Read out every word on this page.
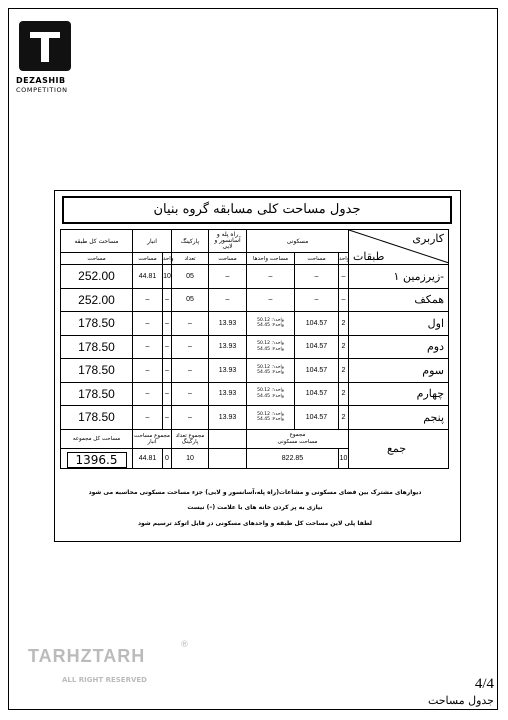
DEZASHIB
COMPETITION
جدول مساحت کلی مسابقه گروه بنیان
مساحت کل طبقه	انبار		پارکینگ	راه پله و آسانسور و لابی	مسکونی			کاربری
طبقات

مساحت	مساحت	واحد	تعداد	مساحت	مساحت واحدها	مساحت	واحد	
252.00	44.81	10	05	–	–	–	–	زیرزمین ۱-
252.00	–	–	05	–	–	–	–	همکف
178.50	–	–	–	13.93	واحد۱: 50.12
واحد۲: 54.45	104.57	2	اول
178.50	–	–	–	13.93	واحد۱: 50.12
واحد۲: 54.45	104.57	2	دوم
178.50	–	–	–	13.93	واحد۱: 50.12
واحد۲: 54.45	104.57	2	سوم
178.50	–	–	–	13.93	واحد۱: 50.12
واحد۲: 54.45	104.57	2	چهارم
178.50	–	–	–	13.93	واحد۱: 50.12
واحد۲: 54.45	104.57	2	پنجم
مساحت کل مجموعه	مجموع مساحت انبار		مجموع تعداد پارکینگ		مجموع
مساحت مسکونی			جمع
1396.5	44.81	0	10		822.85		10	
دیوارهای مشترک بین فضای مسکونی و مشاعات(راه پله،آسانسور و لابی) جزء مساحت مسکونی محاسبه می شود
نیازی به پر کردن خانه های با علامت (–) نیست
لطفا پلی لاین مساحت کل طبقه و واحدهای مسکونی در فایل اتوکد ترسیم شود
TARHZTARH
®
ALL RIGHT RESERVED	4/4
جدول مساحت
